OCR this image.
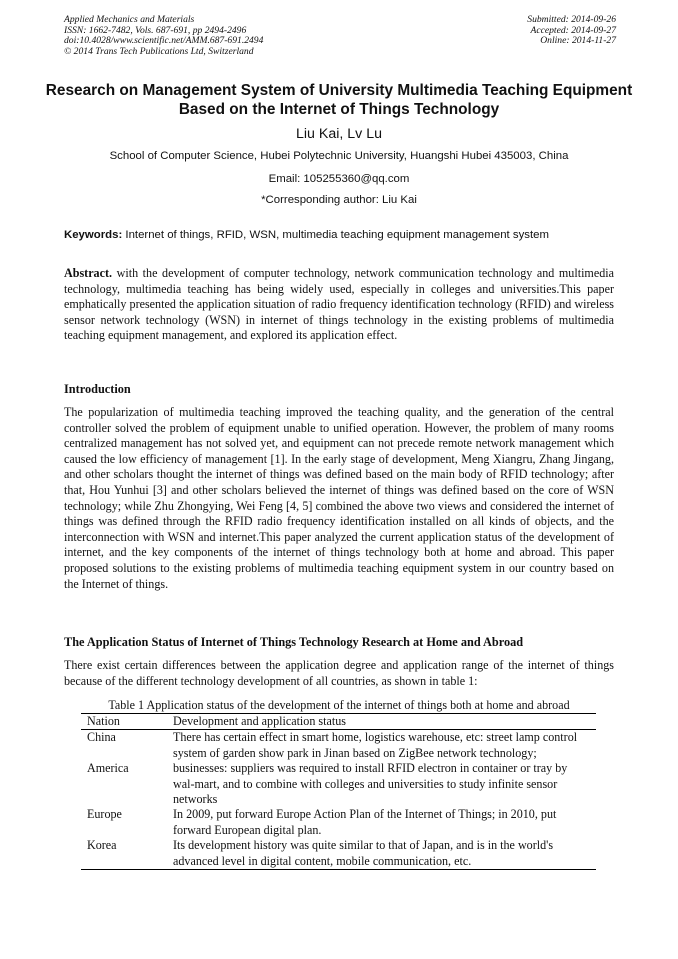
Applied Mechanics and Materials
ISSN: 1662-7482, Vols. 687-691, pp 2494-2496
doi:10.4028/www.scientific.net/AMM.687-691.2494
© 2014 Trans Tech Publications Ltd, Switzerland
Submitted: 2014-09-26
Accepted: 2014-09-27
Online: 2014-11-27
Research on Management System of University Multimedia Teaching Equipment Based on the Internet of Things Technology
Liu Kai, Lv Lu
School of Computer Science, Hubei Polytechnic University, Huangshi Hubei 435003, China
Email: 105255360@qq.com
*Corresponding author: Liu Kai
Keywords: Internet of things, RFID, WSN, multimedia teaching equipment management system
Abstract. with the development of computer technology, network communication technology and multimedia technology, multimedia teaching has being widely used, especially in colleges and universities.This paper emphatically presented the application situation of radio frequency identification technology (RFID) and wireless sensor network technology (WSN) in internet of things technology in the existing problems of multimedia teaching equipment management, and explored its application effect.
Introduction
The popularization of multimedia teaching improved the teaching quality, and the generation of the central controller solved the problem of equipment unable to unified operation. However, the problem of many rooms centralized management has not solved yet, and equipment can not precede remote network management which caused the low efficiency of management [1]. In the early stage of development, Meng Xiangru, Zhang Jingang, and other scholars thought the internet of things was defined based on the main body of RFID technology; after that, Hou Yunhui [3] and other scholars believed the internet of things was defined based on the core of WSN technology; while Zhu Zhongying, Wei Feng [4, 5] combined the above two views and considered the internet of things was defined through the RFID radio frequency identification installed on all kinds of objects, and the interconnection with WSN and internet.This paper analyzed the current application status of the development of internet, and the key components of the internet of things technology both at home and abroad. This paper proposed solutions to the existing problems of multimedia teaching equipment system in our country based on the Internet of things.
The Application Status of Internet of Things Technology Research at Home and Abroad
There exist certain differences between the application degree and application range of the internet of things because of the different technology development of all countries, as shown in table 1:
Table 1 Application status of the development of the internet of things both at home and abroad
Nation	Development and application status
China	There has certain effect in smart home, logistics warehouse, etc: street lamp control system of garden show park in Jinan based on ZigBee network technology;
America	businesses: suppliers was required to install RFID electron in container or tray by wal-mart, and to combine with colleges and universities to study infinite sensor networks
Europe	In 2009, put forward Europe Action Plan of the Internet of Things; in 2010, put forward European digital plan.
Korea	Its development history was quite similar to that of Japan, and is in the world's advanced level in digital content, mobile communication, etc.
